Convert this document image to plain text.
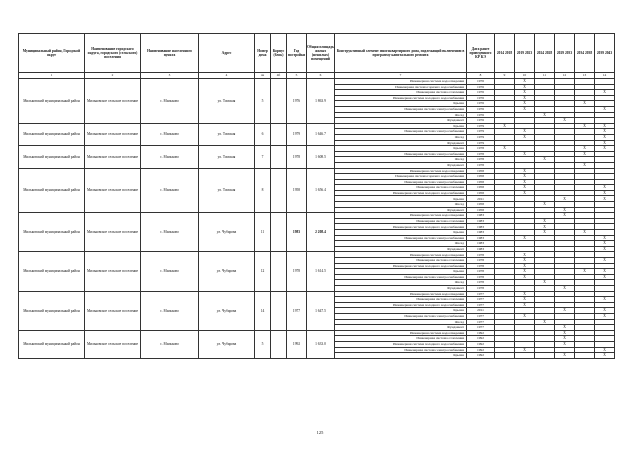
Муниципальный район, Городской округ	Наименование городского округа, городского (сельского) поселения	Наименование населенного пункта	Адрес	Номер дома	Корпус (блок)	Год постройки	Общая площадь жилых (нежилых) помещений	Конструктивный элемент многоквартирного дома, подлежащий включению в программу капитального ремонта	Дата ранее проведенного КР КЭ	2014 2018	2019 2023	2024 2028	2029 2033	2034 2038	2039 2043
1	2	3	4	4а	4б	5	6	7	8	9	10	11	12	13	14
Мильковский муниципальный район	Мильковское сельское поселение	с. Мильково	ул. Томская	5		1976	1 863.9	Инженерная система водоотведения	1976		X				
								Инженерная система горячего водоснабжения	1976		X				
								Инженерная система отопления	1976		X				X
								Инженерная система холодного водоснабжения	1976		X				
								Крыша	1976		X			X	
								Инженерная система электроснабжения	1976		X				X
								Фасад	1976			X			
								Фундамент	1976				X		
Мильковский муниципальный район	Мильковское сельское поселение	с. Мильково	ул. Томская	6		1979	1 646.7	Крыша	1979	X				X	X
								Инженерная система электроснабжения	1979		X				X
								Фасад	1979		X				X
								Фундамент	1979						X
Мильковский муниципальный район	Мильковское сельское поселение	с. Мильково	ул. Томская	7		1978	1 608.5	Крыша	1978	X				X	X
								Инженерная система электроснабжения	1978		X			X	
								Фасад	1978			X			
								Фундамент	1978					X	
Мильковский муниципальный район	Мильковское сельское поселение	с. Мильково	ул. Томская	8		1958	1 656.4	Инженерная система водоотведения	1958		X				
								Инженерная система горячего водоснабжения	1958		X				
								Инженерная система электроснабжения	1958		X				
								Инженерная система отопления	1958		X				X
								Инженерная система холодного водоснабжения	1958		X				X
								Крыша	2011				X		X
								Фасад	1958			X			
								Фундамент	1958				X		
Мильковский муниципальный район	Мильковское сельское поселение	с. Мильково	ул. Чубарова	11		1983	2 208.4	Инженерная система водоотведения	1983				X		
								Инженерная система отопления	1983			X			
								Инженерная система холодного водоснабжения	1983			X			
								Крыша	1983			X		X	
								Инженерная система электроснабжения	1983		X				X
								Фасад	1983						X
								Фундамент	1983						X
Мильковский муниципальный район	Мильковское сельское поселение	с. Мильково	ул. Чубарова	12		1978	1 614.5	Инженерная система водоотведения	1978		X				
								Инженерная система отопления	1978		X				X
								Инженерная система холодного водоснабжения	1978		X				
								Крыша	1978		X			X	X
								Инженерная система электроснабжения	1978		X				X
								Фасад	1978			X			
								Фундамент	1978				X		
Мильковский муниципальный район	Мильковское сельское поселение	с. Мильково	ул. Чубарова	14		1977	1 647.5	Инженерная система водоотведения	1977		X				
								Инженерная система отопления	1977		X				X
								Инженерная система холодного водоснабжения	1977		X				
								Крыша	2011				X		X
								Инженерная система электроснабжения	1977		X				X
								Фасад	1977			X			
								Фундамент	1977				X		
Мильковский муниципальный район	Мильковское сельское поселение	с. Мильково	ул. Чубарова	5		1992	1 633.0	Инженерная система водоотведения	1992				X		
								Инженерная система отопления	1992				X		
								Инженерная система холодного водоснабжения	1992				X		
								Инженерная система электроснабжения	1992		X				X
								Крыша	1992				X		X
125
